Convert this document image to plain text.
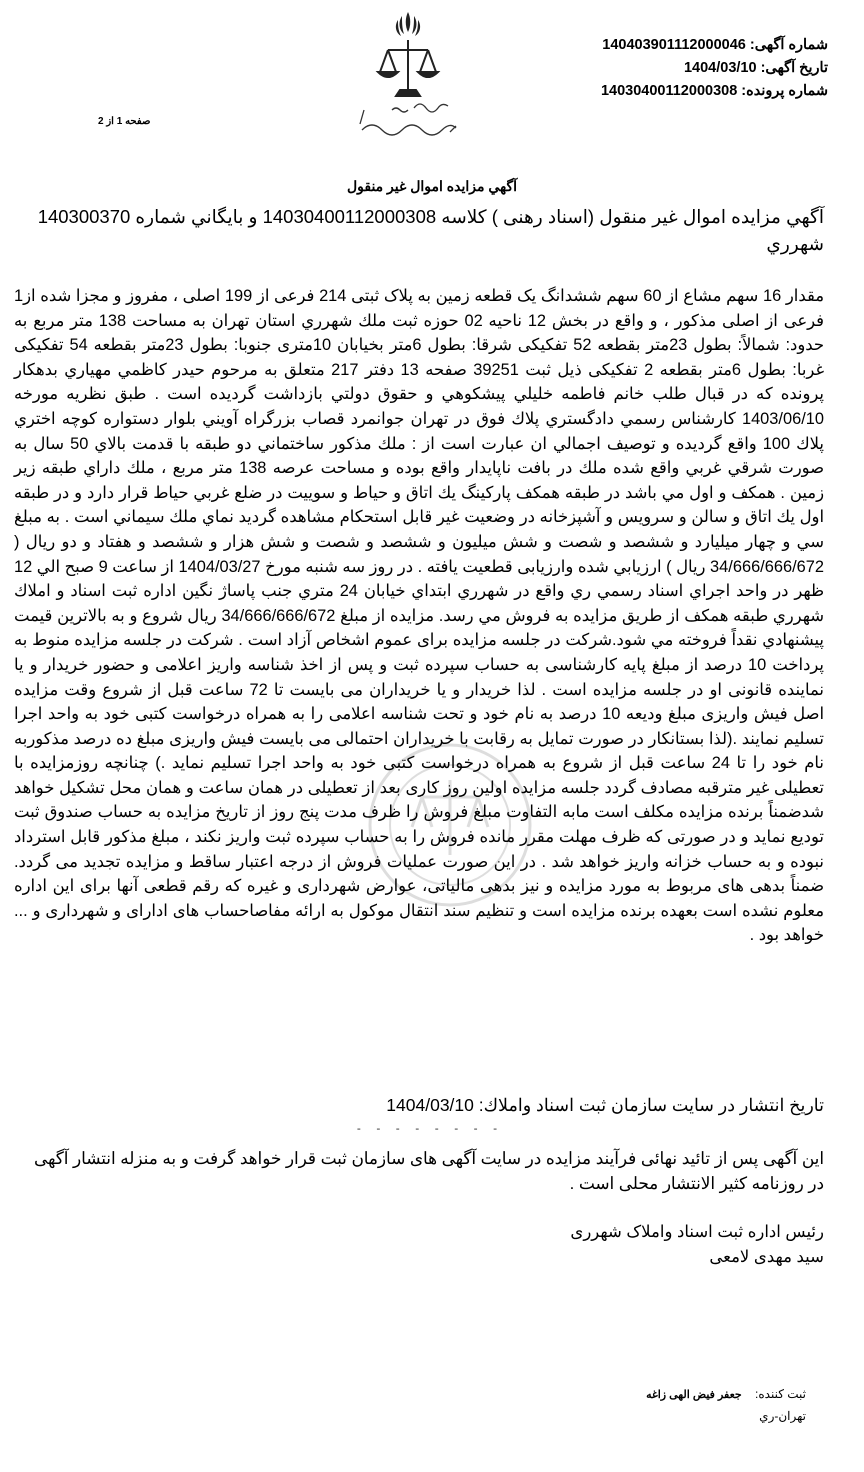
شماره آگهی: 14040390111200004​6
تاریخ آگهی: 1404/03/10
شماره پرونده: 14030400112000308
صفحه 1 از 2
آگهي مزايده اموال غير منقول
آگهي مزايده اموال غير منقول (اسناد رهنی ) كلاسه 14030400112000308 و بايگاني شماره 140300370 شهرري
مقدار 16 سهم مشاع از 60 سهم ششدانگ یک قطعه زمین به پلاک ثبتی 214 فرعی از 199 اصلی ، مفروز و مجزا شده از1 فرعی از اصلی مذکور ، و واقع در بخش 12 ناحیه 02 حوزه ثبت ملك شهرري استان تهران به مساحت 138 متر مربع به حدود: شمالاً: بطول 23متر بقطعه 52 تفکیکی شرقا: بطول 6متر بخیابان 10متری جنوبا: بطول 23متر بقطعه 54 تفکیکی غربا: بطول 6متر بقطعه 2 تفکیکی ذیل ثبت 39251 صفحه 13 دفتر 217 متعلق به مرحوم حيدر كاظمي مهياري بدهكار پرونده كه در قبال طلب خانم فاطمه خليلي پيشكوهي و حقوق دولتي بازداشت گرديده است . طبق نظريه مورخه 1403/06/10 كارشناس رسمي دادگستري پلاك فوق در تهران جوانمرد قصاب بزرگراه آويني بلوار دستواره كوچه اختري پلاك 100 واقع گرديده و توصيف اجمالي ان عبارت است از : ملك مذكور ساختماني دو طبقه با قدمت بالاي 50 سال به صورت شرقي غربي واقع شده ملك در بافت ناپايدار واقع بوده و مساحت عرصه 138 متر مربع ، ملك داراي طبقه زير زمين . همكف و اول مي باشد در طبقه همكف پاركينگ يك اتاق و حياط و سوييت در ضلع غربي حياط قرار دارد و در طبقه اول يك اتاق و سالن و سرويس و آشپزخانه در وضعيت غير قابل استحكام مشاهده گرديد نماي ملك سيماني است . به مبلغ سي و چهار ميليارد و ششصد و شصت و شش ميليون و ششصد و شصت و شش هزار و ششصد و هفتاد و دو ريال ( 34/666/666/672 ريال ) ارزيابي شده وارزيابی قطعيت يافته . در روز سه شنبه مورخ 1404/03/27 از ساعت 9 صبح الي 12 ظهر در واحد اجراي اسناد رسمي ري واقع در شهرري ابتداي خيابان 24 متري جنب پاساژ نگين اداره ثبت اسناد و املاك شهرري طبقه همكف از طريق مزايده به فروش مي رسد. مزايده از مبلغ 34/666/666/672 ريال شروع و به بالاترين قيمت پيشنهادي نقداً فروخته مي شود.شرکت در جلسه مزایده برای عموم اشخاص آزاد است . شرکت در جلسه مزایده منوط به پرداخت 10 درصد از مبلغ پایه کارشناسی به حساب سپرده ثبت و پس از اخذ شناسه واریز اعلامی و حضور خریدار و یا نماینده قانونی او در جلسه مزایده است . لذا خریدار و یا خریداران می بایست تا 72 ساعت قبل از شروع وقت مزایده اصل فیش واریزی مبلغ ودیعه 10 درصد به نام خود و تحت شناسه اعلامی را به همراه درخواست کتبی خود به واحد اجرا تسلیم نمایند .(لذا بستانکار در صورت تمایل به رقابت با خریداران احتمالی می بایست فیش واریزی مبلغ ده درصد مذکوربه نام خود را تا 24 ساعت قبل از شروع به همراه درخواست کتبی خود به واحد اجرا تسلیم نماید .) چنانچه روزمزایده با تعطیلی غیر مترقبه مصادف گردد جلسه مزایده اولین روز کاری بعد از تعطیلی در همان ساعت و همان محل تشکیل خواهد شدضمناً برنده مزایده مکلف است مابه التفاوت مبلغ فروش را ظرف مدت پنج روز از تاریخ مزایده به حساب صندوق ثبت توديع نماید و در صورتی که ظرف مهلت مقرر مانده فروش را به حساب سپرده ثبت واریز نکند ، مبلغ مذکور قابل استرداد نبوده و به حساب خزانه واریز خواهد شد . در این صورت عملیات فروش از درجه اعتبار ساقط و مزایده تجدید می گردد. ضمناً بدهی های مربوط به مورد مزایده و نیز بدهی مالیاتی، عوارض شهرداری و غیره که رقم قطعی آنها برای این اداره معلوم نشده است بعهده برنده مزایده است و تنظیم سند انتقال موکول به ارائه مفاصاحساب های ادارای و شهرداری و ... خواهد بود .
تاریخ انتشار در سایت سازمان ثبت اسناد واملاك: 1404/03/10
- - - - - - - -
این آگهی پس از تائید نهائی فرآیند مزایده در سایت آگهی های سازمان ثبت قرار خواهد گرفت و به منزله انتشار آگهی در روزنامه کثیر الانتشار محلی است .
رئیس اداره ثبت اسناد واملاک شهرری
سید مهدی لامعی
ثبت کننده: جعفر فیض الهی زاغه
تهران-ري
